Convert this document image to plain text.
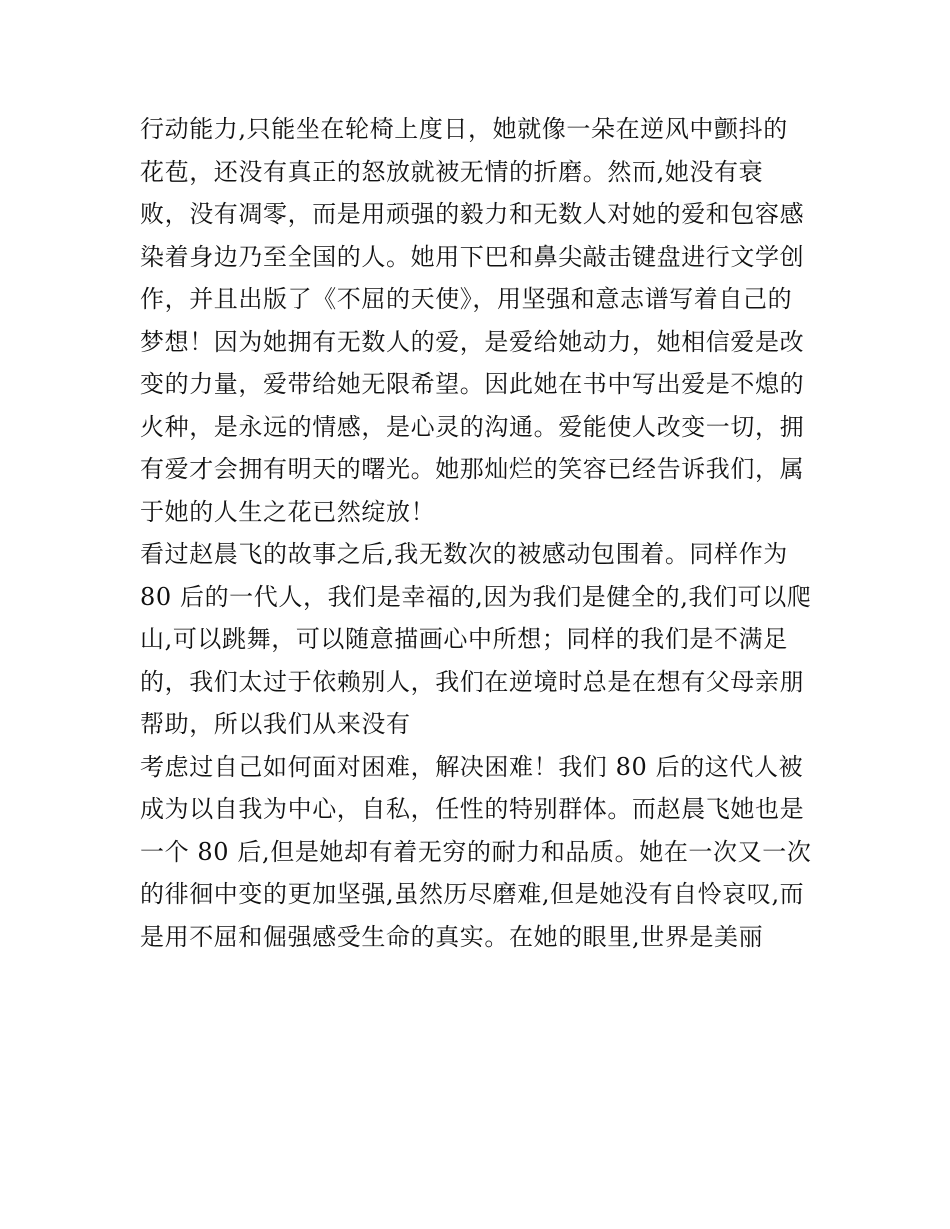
行动能力,只能坐在轮椅上度日，她就像一朵在逆风中颤抖的
花苞，还没有真正的怒放就被无情的折磨。然而,她没有衰
败，没有凋零，而是用顽强的毅力和无数人对她的爱和包容感
染着身边乃至全国的人。她用下巴和鼻尖敲击键盘进行文学创
作，并且出版了《不屈的天使》，用坚强和意志谱写着自己的
梦想！因为她拥有无数人的爱，是爱给她动力，她相信爱是改
变的力量，爱带给她无限希望。因此她在书中写出爱是不熄的
火种，是永远的情感，是心灵的沟通。爱能使人改变一切，拥
有爱才会拥有明天的曙光。她那灿烂的笑容已经告诉我们，属
于她的人生之花已然绽放！
看过赵晨飞的故事之后,我无数次的被感动包围着。同样作为
80 后的一代人，我们是幸福的,因为我们是健全的,我们可以爬
山,可以跳舞，可以随意描画心中所想；同样的我们是不满足
的，我们太过于依赖别人，我们在逆境时总是在想有父母亲朋
帮助，所以我们从来没有
考虑过自己如何面对困难，解决困难！我们 80 后的这代人被
成为以自我为中心，自私，任性的特别群体。而赵晨飞她也是
一个 80 后,但是她却有着无穷的耐力和品质。她在一次又一次
的徘徊中变的更加坚强,虽然历尽磨难,但是她没有自怜哀叹,而
是用不屈和倔强感受生命的真实。在她的眼里,世界是美丽
